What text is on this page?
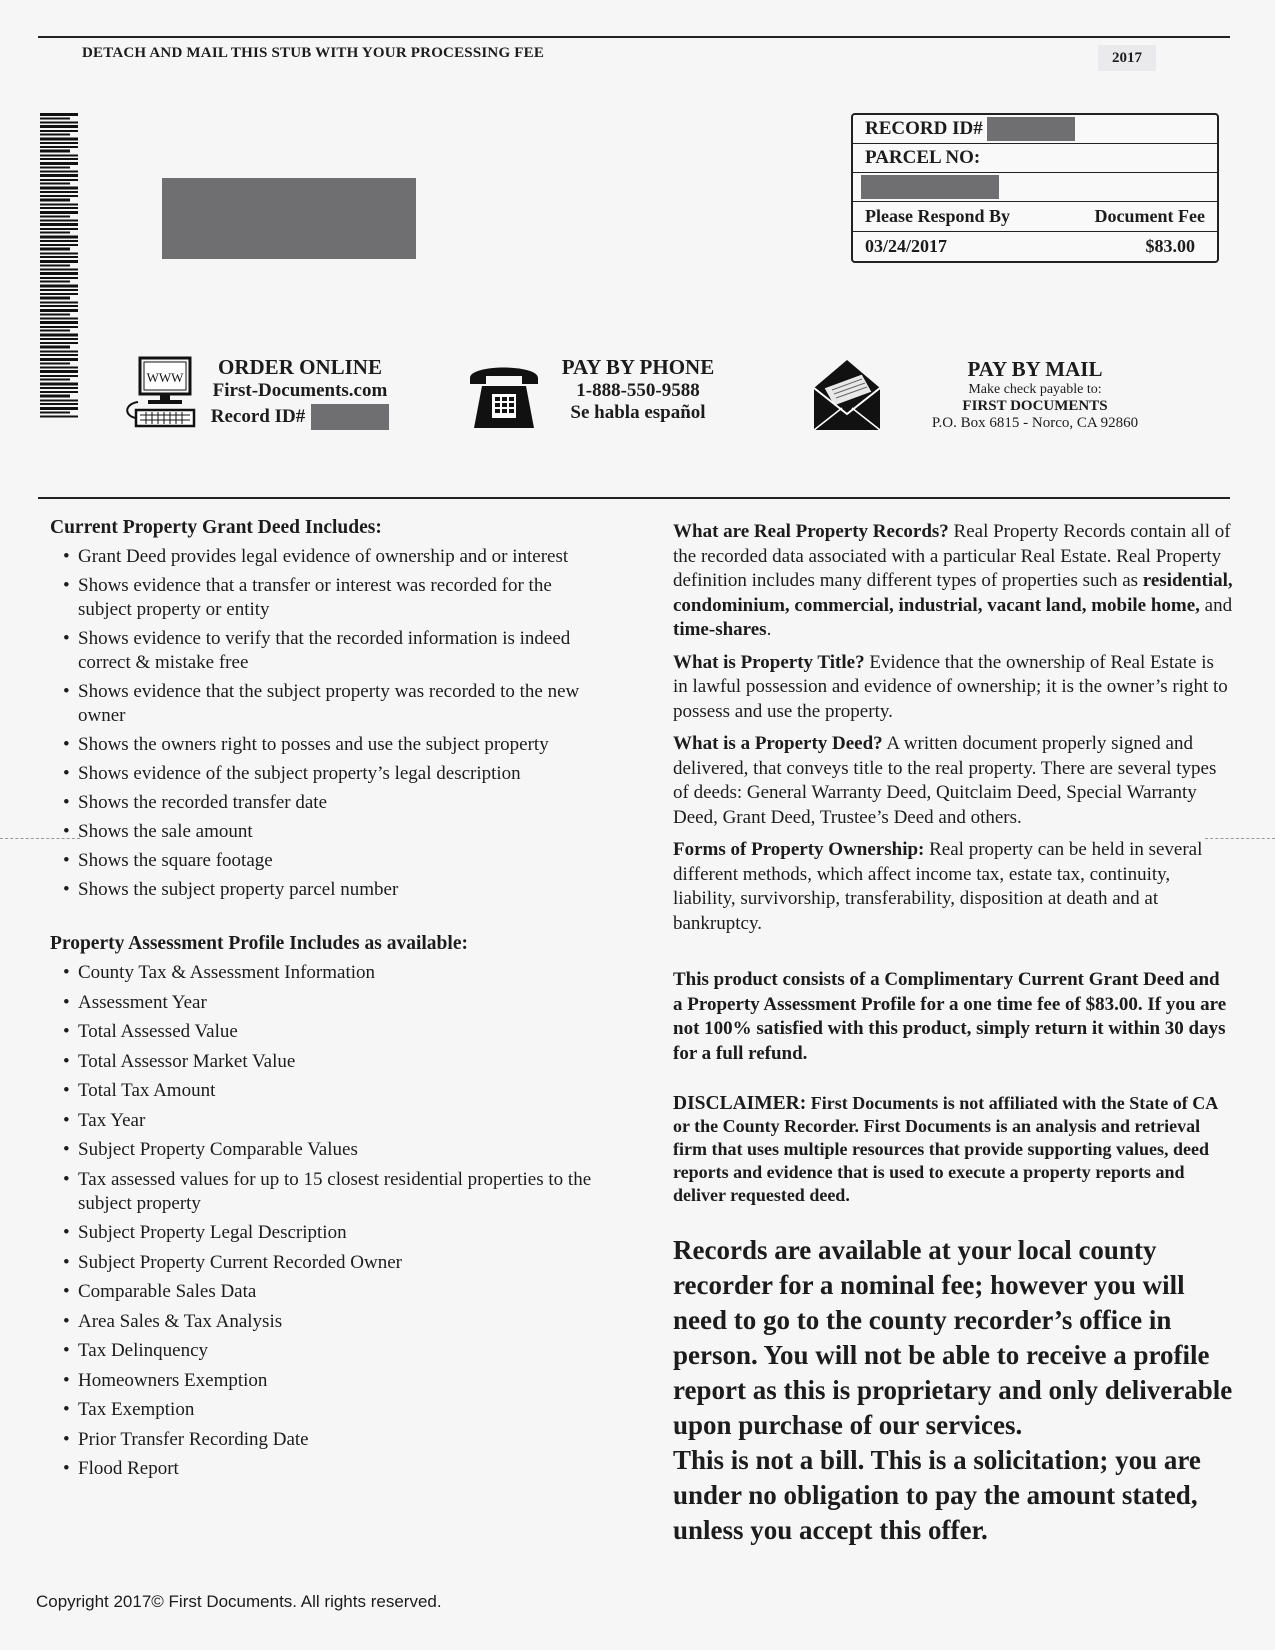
DETACH AND MAIL THIS STUB WITH YOUR PROCESSING FEE	2017
RECORD ID#
PARCEL NO:
Please Respond By	Document Fee
03/24/2017	$83.00
WWW	ORDER ONLINE
First-Documents.com
Record ID#
PAY BY PHONE
1-888-550-9588
Se habla español
PAY BY MAIL
Make check payable to:
FIRST DOCUMENTS
P.O. Box 6815 - Norco, CA 92860
Current Property Grant Deed Includes:
• Grant Deed provides legal evidence of ownership and or interest
• Shows evidence that a transfer or interest was recorded for the subject property or entity
• Shows evidence to verify that the recorded information is indeed correct & mistake free
• Shows evidence that the subject property was recorded to the new owner
• Shows the owners right to posses and use the subject property
• Shows evidence of the subject property’s legal description
• Shows the recorded transfer date
• Shows the sale amount
• Shows the square footage
• Shows the subject property parcel number
Property Assessment Profile Includes as available:
• County Tax & Assessment Information
• Assessment Year
• Total Assessed Value
• Total Assessor Market Value
• Total Tax Amount
• Tax Year
• Subject Property Comparable Values
• Tax assessed values for up to 15 closest residential properties to the subject property
• Subject Property Legal Description
• Subject Property Current Recorded Owner
• Comparable Sales Data
• Area Sales & Tax Analysis
• Tax Delinquency
• Homeowners Exemption
• Tax Exemption
• Prior Transfer Recording Date
• Flood Report
Copyright 2017© First Documents. All rights reserved.

What are Real Property Records? Real Property Records contain all of the recorded data associated with a particular Real Estate. Real Property definition includes many different types of properties such as residential, condominium, commercial, industrial, vacant land, mobile home, and time-shares.

What is Property Title? Evidence that the ownership of Real Estate is in lawful possession and evidence of ownership; it is the owner’s right to possess and use the property.

What is a Property Deed? A written document properly signed and delivered, that conveys title to the real property. There are several types of deeds: General Warranty Deed, Quitclaim Deed, Special Warranty Deed, Grant Deed, Trustee’s Deed and others.

Forms of Property Ownership: Real property can be held in several different methods, which affect income tax, estate tax, continuity, liability, survivorship, transferability, disposition at death and at bankruptcy.

This product consists of a Complimentary Current Grant Deed and a Property Assessment Profile for a one time fee of $83.00. If you are not 100% satisfied with this product, simply return it within 30 days for a full refund.

DISCLAIMER: First Documents is not affiliated with the State of CA or the County Recorder. First Documents is an analysis and retrieval firm that uses multiple resources that provide supporting values, deed reports and evidence that is used to execute a property reports and deliver requested deed.

Records are available at your local county recorder for a nominal fee; however you will need to go to the county recorder’s office in person. You will not be able to receive a profile report as this is proprietary and only deliverable upon purchase of our services.

This is not a bill. This is a solicitation; you are under no obligation to pay the amount stated, unless you accept this offer.
